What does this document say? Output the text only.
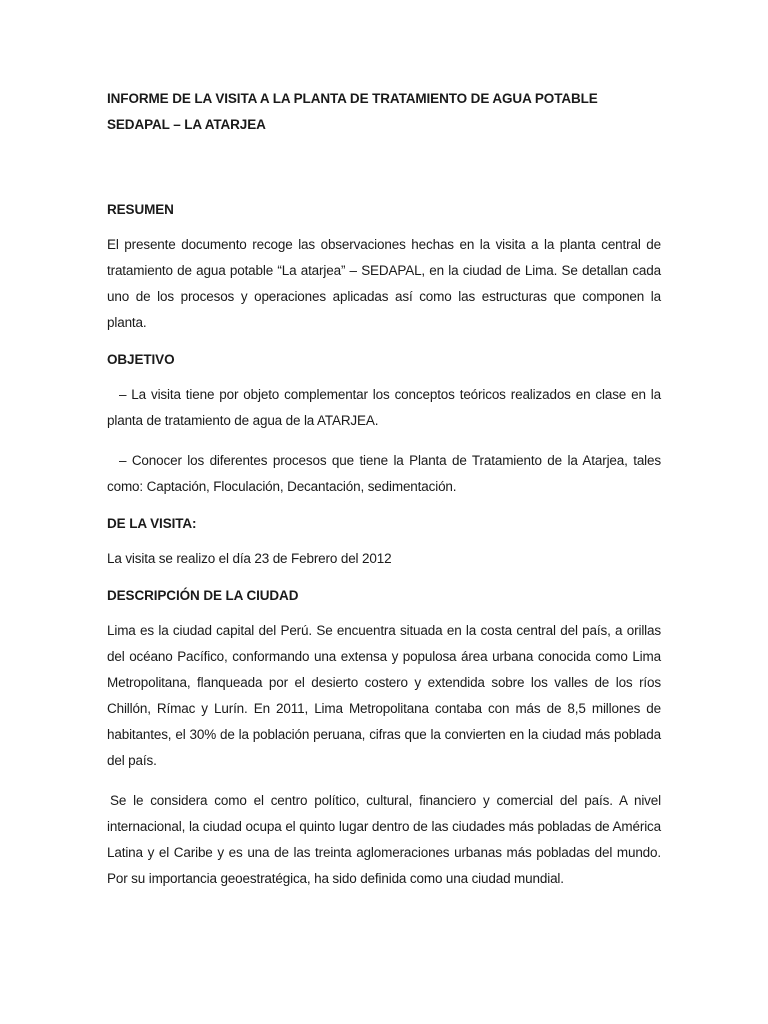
INFORME DE LA VISITA A LA PLANTA DE TRATAMIENTO DE AGUA POTABLE SEDAPAL – LA ATARJEA
RESUMEN

El presente documento recoge las observaciones hechas en la visita a la planta central de tratamiento de agua potable “La atarjea” – SEDAPAL, en la ciudad de Lima. Se detallan cada uno de los procesos y operaciones aplicadas así como las estructuras que componen la planta.

OBJETIVO

– La visita tiene por objeto complementar los conceptos teóricos realizados en clase en la planta de tratamiento de agua de la ATARJEA.

– Conocer los diferentes procesos que tiene la Planta de Tratamiento de la Atarjea, tales como: Captación, Floculación, Decantación, sedimentación.

DE LA VISITA:

La visita se realizo el día 23 de Febrero del 2012

DESCRIPCIÓN DE LA CIUDAD

Lima es la ciudad capital del Perú. Se encuentra situada en la costa central del país, a orillas del océano Pacífico, conformando una extensa y populosa área urbana conocida como Lima Metropolitana, flanqueada por el desierto costero y extendida sobre los valles de los ríos Chillón, Rímac y Lurín. En 2011, Lima Metropolitana contaba con más de 8,5 millones de habitantes, el 30% de la población peruana, cifras que la convierten en la ciudad más poblada del país.

Se le considera como el centro político, cultural, financiero y comercial del país. A nivel internacional, la ciudad ocupa el quinto lugar dentro de las ciudades más pobladas de América Latina y el Caribe y es una de las treinta aglomeraciones urbanas más pobladas del mundo. Por su importancia geoestratégica, ha sido definida como una ciudad mundial.
